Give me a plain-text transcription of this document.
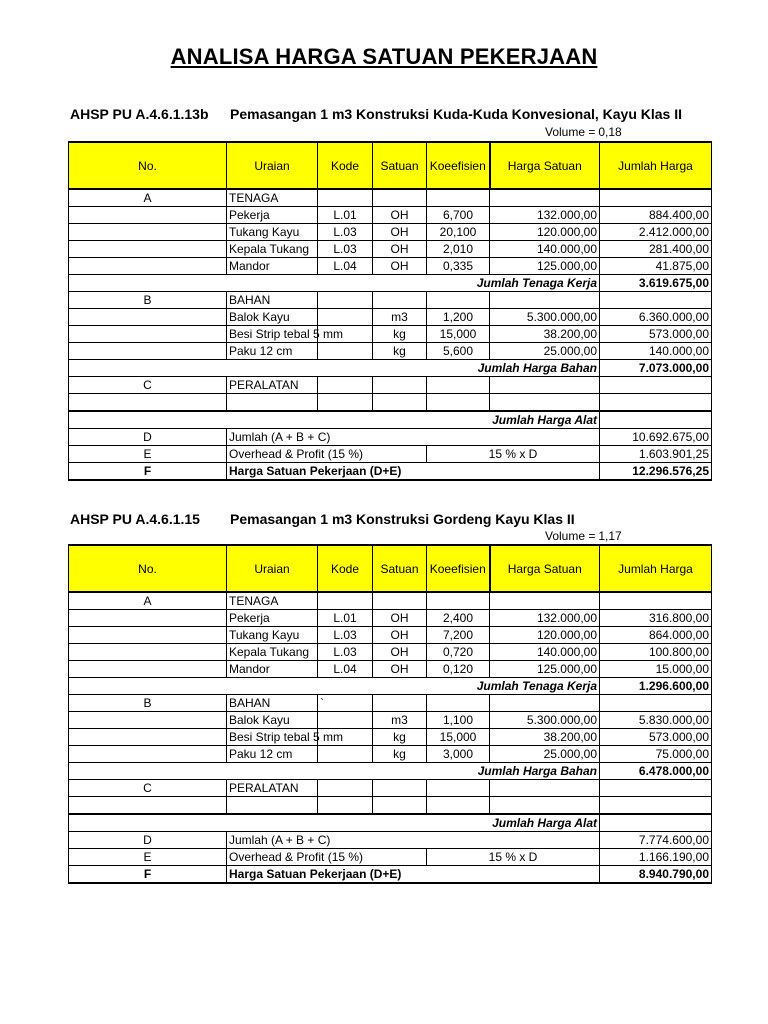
ANALISA HARGA SATUAN PEKERJAAN
AHSP PU A.4.6.1.13b Pemasangan 1 m3 Konstruksi Kuda-Kuda Konvesional, Kayu Klas II
Volume = 0,18
No.	Uraian	Kode	Satuan	Koeefisien	Harga Satuan	Jumlah Harga
A	TENAGA					
	Pekerja	L.01	OH	6,700	132.000,00	884.400,00
	Tukang Kayu	L.03	OH	20,100	120.000,00	2.412.000,00
	Kepala Tukang	L.03	OH	2,010	140.000,00	281.400,00
	Mandor	L.04	OH	0,335	125.000,00	41.875,00
Jumlah Tenaga Kerja						3.619.675,00
B	BAHAN					
	Balok Kayu		m3	1,200	5.300.000,00	6.360.000,00
	Besi Strip tebal 5 mm		kg	15,000	38.200,00	573.000,00
	Paku 12 cm		kg	5,600	25.000,00	140.000,00
Jumlah Harga Bahan						7.073.000,00
C	PERALATAN					

Jumlah Harga Alat						
D	Jumlah (A + B + C)					10.692.675,00
E	Overhead & Profit (15 %)			15 % x D		1.603.901,25
F	Harga Satuan Pekerjaan (D+E)					12.296.576,25
AHSP PU A.4.6.1.15 Pemasangan 1 m3 Konstruksi Gordeng Kayu Klas II
Volume = 1,17
No.	Uraian	Kode	Satuan	Koeefisien	Harga Satuan	Jumlah Harga
A	TENAGA					
	Pekerja	L.01	OH	2,400	132.000,00	316.800,00
	Tukang Kayu	L.03	OH	7,200	120.000,00	864.000,00
	Kepala Tukang	L.03	OH	0,720	140.000,00	100.800,00
	Mandor	L.04	OH	0,120	125.000,00	15.000,00
Jumlah Tenaga Kerja						1.296.600,00
B	BAHAN	`				
	Balok Kayu		m3	1,100	5.300.000,00	5.830.000,00
	Besi Strip tebal 5 mm		kg	15,000	38.200,00	573.000,00
	Paku 12 cm		kg	3,000	25.000,00	75.000,00
Jumlah Harga Bahan						6.478.000,00
C	PERALATAN					

Jumlah Harga Alat						
D	Jumlah (A + B + C)					7.774.600,00
E	Overhead & Profit (15 %)			15 % x D		1.166.190,00
F	Harga Satuan Pekerjaan (D+E)					8.940.790,00
